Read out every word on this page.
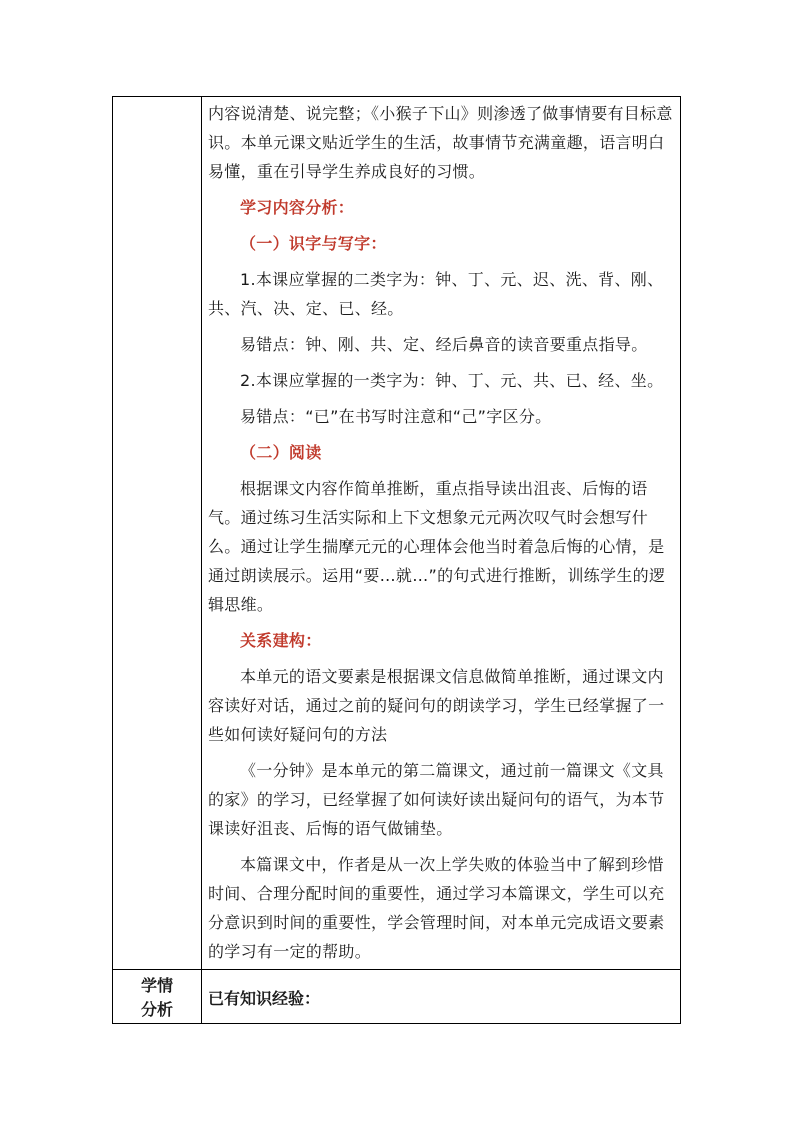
内容说清楚、说完整；《小猴子下山》则渗透了做事情要有目标意识。本单元课文贴近学生的生活，故事情节充满童趣，语言明白易懂，重在引导学生养成良好的习惯。

学习内容分析：

（一）识字与写字：

1.本课应掌握的二类字为：钟、丁、元、迟、洗、背、刚、共、汽、决、定、已、经。

易错点：钟、刚、共、定、经后鼻音的读音要重点指导。

2.本课应掌握的一类字为：钟、丁、元、共、已、经、坐。

易错点：“已”在书写时注意和“己”字区分。

（二）阅读

根据课文内容作简单推断，重点指导读出沮丧、后悔的语气。通过练习生活实际和上下文想象元元两次叹气时会想写什么。通过让学生揣摩元元的心理体会他当时着急后悔的心情，是通过朗读展示。运用“要…就…”的句式进行推断，训练学生的逻辑思维。

关系建构：

本单元的语文要素是根据课文信息做简单推断，通过课文内容读好对话，通过之前的疑问句的朗读学习，学生已经掌握了一些如何读好疑问句的方法

《一分钟》是本单元的第二篇课文，通过前一篇课文《文具的家》的学习，已经掌握了如何读好读出疑问句的语气，为本节课读好沮丧、后悔的语气做铺垫。

本篇课文中，作者是从一次上学失败的体验当中了解到珍惜时间、合理分配时间的重要性，通过学习本篇课文，学生可以充分意识到时间的重要性，学会管理时间，对本单元完成语文要素的学习有一定的帮助。

学情
分析
已有知识经验：
